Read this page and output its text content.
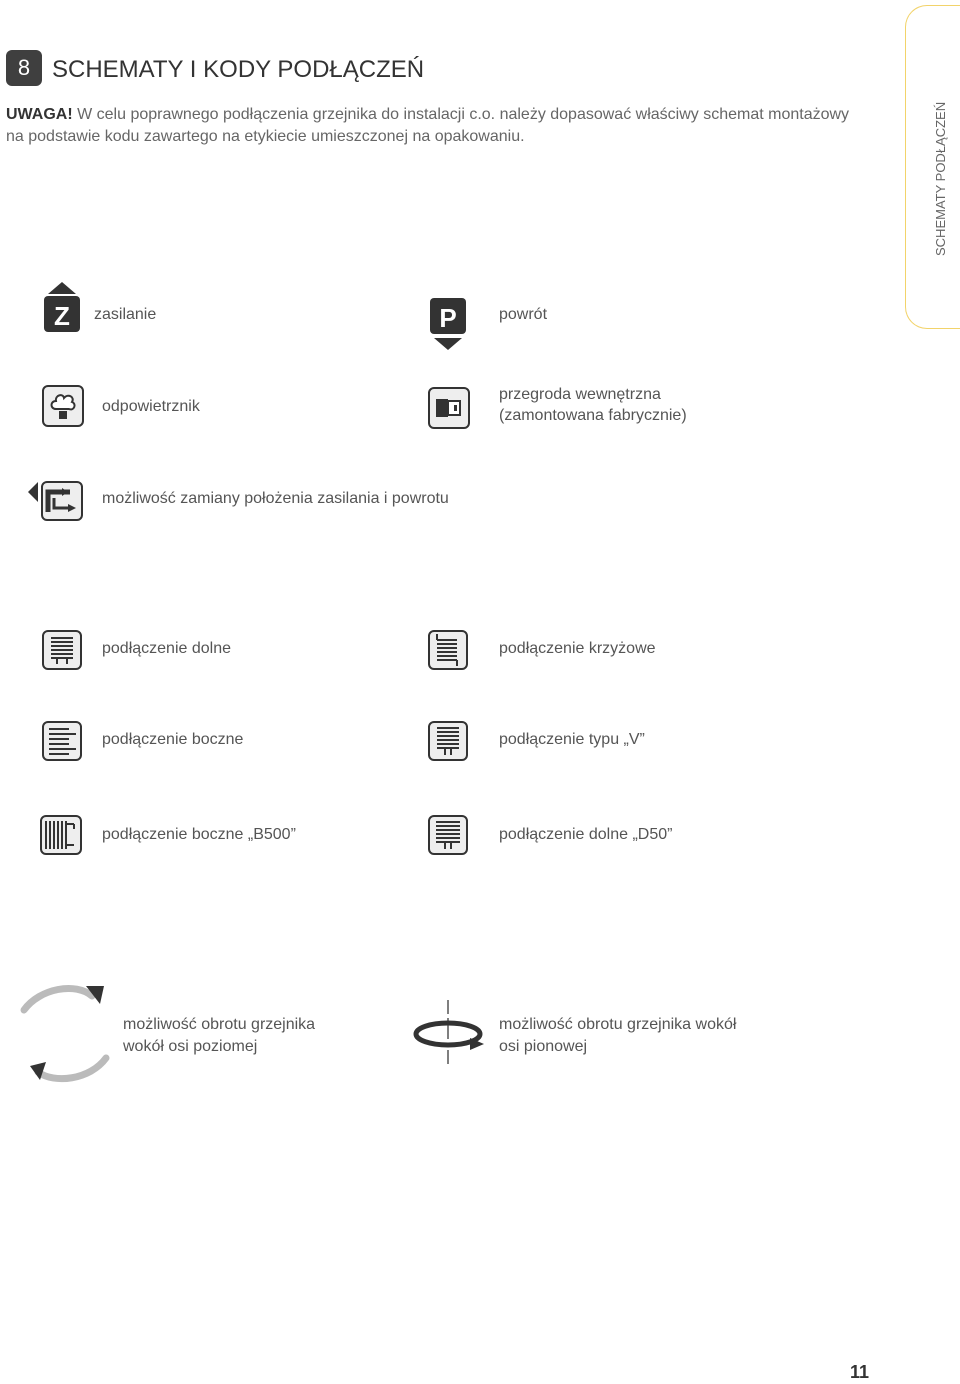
8 SCHEMATY I KODY PODŁĄCZEŃ
UWAGA! W celu poprawnego podłączenia grzejnika do instalacji c.o. należy dopasować właściwy schemat montażowy na podstawie kodu zawartego na etykiecie umieszczonej na opakowaniu.	SCHEMATY PODŁĄCZEŃ
Z zasilanie	P	powrót
odpowietrznik
przegroda wewnętrzna
(zamontowana fabrycznie)
możliwość zamiany położenia zasilania i powrotu
podłączenie dolne	podłączenie krzyżowe
podłączenie boczne	podłączenie typu „V”
podłączenie boczne „B500”	podłączenie dolne „D50”
możliwość obrotu grzejnika
wokół osi poziomej
możliwość obrotu grzejnika wokół
osi pionowej
11
